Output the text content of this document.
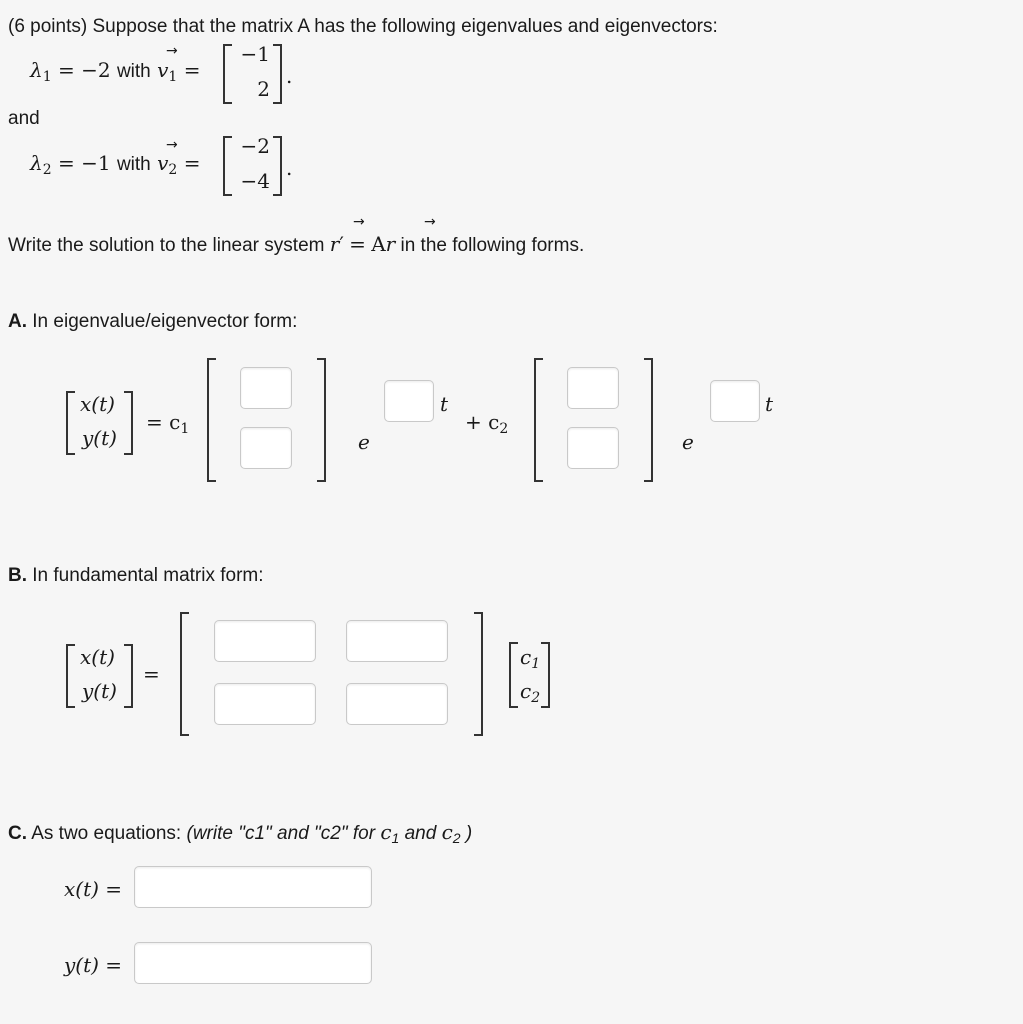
(6 points) Suppose that the matrix A has the following eigenvalues and eigenvectors:
$\lambda_1 = -2$ with $v_1$ =
→	−1
2
.
and
$\lambda_2 = -1$ with $v_2$ =
→	−2
−4
.
Write the solution to the linear system r′ = Ar in the following forms.
→	→
A. In eigenvalue/eigenvector form:
x(t)
y(t)
= $c_1$
e
t
+ $c_2$
e
t
B. In fundamental matrix form:
x(t)
y(t)
=
$c_1$
$c_2$
C. As two equations: (write "c1" and "c2" for $c_1$ and $c_2$ )
x(t) =
y(t) =
